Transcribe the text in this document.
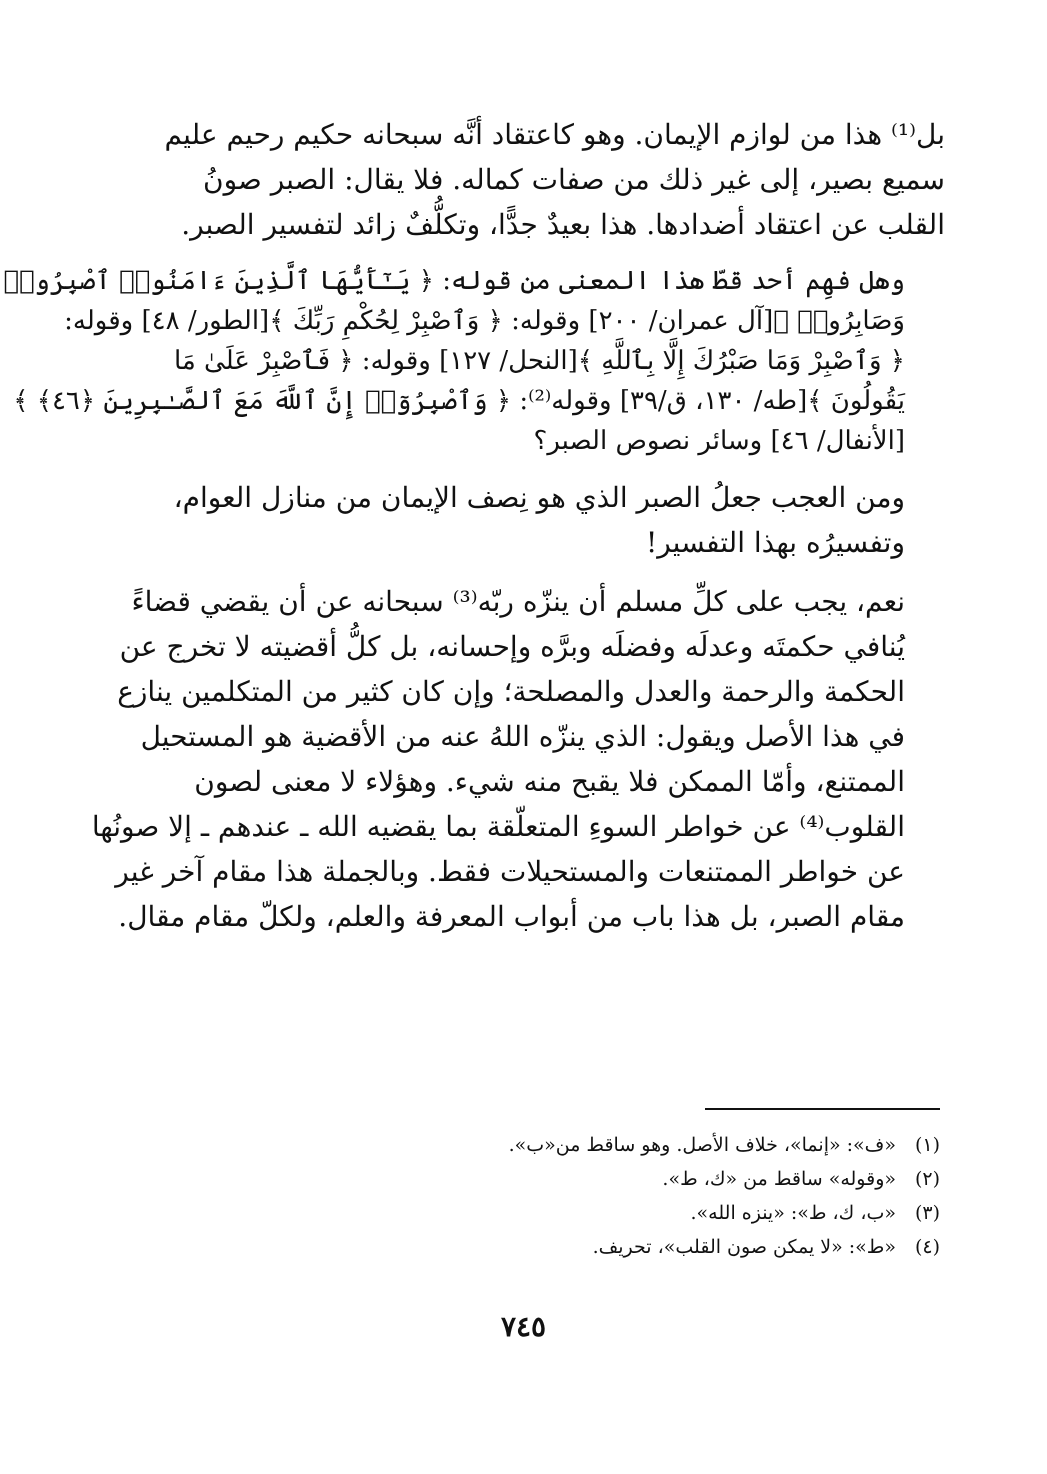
بل⁽¹⁾ هذا من لوازم الإيمان. وهو كاعتقاد أنَّه سبحانه حكيم رحيم عليم
سميع بصير، إلى غير ذلك من صفات كماله. فلا يقال: الصبر صونُ
القلب عن اعتقاد أضدادها. هذا بعيدٌ جدًّا، وتكلُّفٌ زائد لتفسير الصبر.

وهل فهِم أحد قطّ هذا المعنى من قوله: ﴿ يَـٰٓأَيُّهَا ٱلَّذِينَ ءَامَنُوا۟ ٱصْبِرُوا۟
وَصَابِرُوا۟ ﴾[آل عمران/ ٢٠٠] وقوله: ﴿ وَٱصْبِرْ لِحُكْمِ رَبِّكَ ﴾[الطور/ ٤٨] وقوله:
﴿ وَٱصْبِرْ وَمَا صَبْرُكَ إِلَّا بِٱللَّهِ ﴾[النحل/ ١٢٧] وقوله: ﴿ فَٱصْبِرْ عَلَىٰ مَا
يَقُولُونَ ﴾[طه/ ١٣٠، ق/٣٩] وقوله⁽²⁾: ﴿ وَٱصْبِرُوٓا۟ إِنَّ ٱللَّهَ مَعَ ٱلصَّـٰبِرِينَ ﴿٤٦﴾ ﴾
[الأنفال/ ٤٦] وسائر نصوص الصبر؟

ومن العجب جعلُ الصبر الذي هو نِصف الإيمان من منازل العوام،
وتفسيرُه بهذا التفسير!

نعم، يجب على كلِّ مسلم أن ينزّه ربّه⁽³⁾ سبحانه عن أن يقضي قضاءً
يُنافي حكمتَه وعدلَه وفضلَه وبرَّه وإحسانه، بل كلُّ أقضيته لا تخرج عن
الحكمة والرحمة والعدل والمصلحة؛ وإن كان كثير من المتكلمين ينازع
في هذا الأصل ويقول: الذي ينزّه اللهُ عنه من الأقضية هو المستحيل
الممتنع، وأمّا الممكن فلا يقبح منه شيء. وهؤلاء لا معنى لصون
القلوب⁽⁴⁾ عن خواطر السوءِ المتعلّقة بما يقضيه الله ـ عندهم ـ إلا صونُها
عن خواطر الممتنعات والمستحيلات فقط. وبالجملة هذا مقام آخر غير
مقام الصبر، بل هذا باب من أبواب المعرفة والعلم، ولكلّ مقام مقال.

(١)
«ف»: «إنما»، خلاف الأصل. وهو ساقط من«ب».
(٢)
«وقوله» ساقط من «ك، ط».
(٣)
«ب، ك، ط»: «ينزه الله».
(٤)
«ط»: «لا يمكن صون القلب»، تحريف.
٧٤٥
